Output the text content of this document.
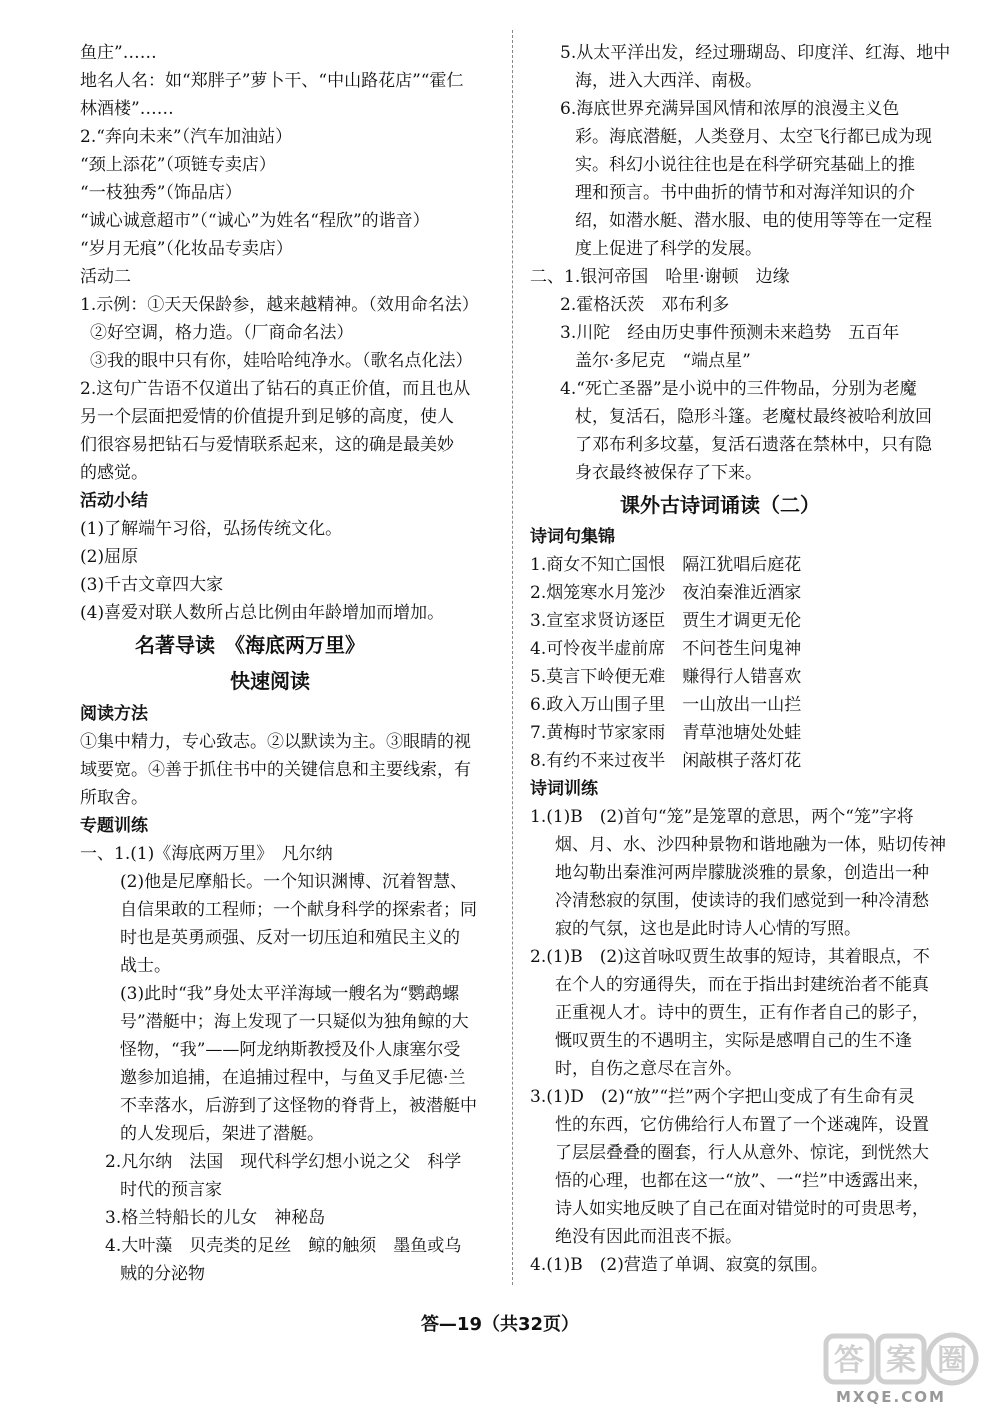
鱼庄”……
地名人名：如“郑胖子”萝卜干、“中山路花店”“霍仁
林酒楼”……
2.“奔向未来”（汽车加油站）
“颈上添花”（项链专卖店）
“一枝独秀”（饰品店）
“诚心诚意超市”（“诚心”为姓名“程欣”的谐音）
“岁月无痕”（化妆品专卖店）
活动二
1.示例：①天天保龄参，越来越精神。（效用命名法）
②好空调，格力造。（厂商命名法）
③我的眼中只有你，娃哈哈纯净水。（歌名点化法）
2.这句广告语不仅道出了钻石的真正价值，而且也从
另一个层面把爱情的价值提升到足够的高度，使人
们很容易把钻石与爱情联系起来，这的确是最美妙
的感觉。
活动小结
(1)了解端午习俗，弘扬传统文化。
(2)屈原
(3)千古文章四大家
(4)喜爱对联人数所占总比例由年龄增加而增加。
名著导读　《海底两万里》
快速阅读
阅读方法
①集中精力，专心致志。②以默读为主。③眼睛的视
域要宽。④善于抓住书中的关键信息和主要线索，有
所取舍。
专题训练
一、1.(1)《海底两万里》　凡尔纳
(2)他是尼摩船长。一个知识渊博、沉着智慧、
自信果敢的工程师；一个献身科学的探索者；同
时也是英勇顽强、反对一切压迫和殖民主义的
战士。
(3)此时“我”身处太平洋海域一艘名为“鹦鹉螺
号”潜艇中；海上发现了一只疑似为独角鲸的大
怪物，“我”——阿龙纳斯教授及仆人康塞尔受
邀参加追捕，在追捕过程中，与鱼叉手尼德·兰
不幸落水，后游到了这怪物的脊背上，被潜艇中
的人发现后，架进了潜艇。
2.凡尔纳　法国　现代科学幻想小说之父　科学
时代的预言家
3.格兰特船长的儿女　神秘岛
4.大叶藻　贝壳类的足丝　鲸的触须　墨鱼或乌
贼的分泌物
5.从太平洋出发，经过珊瑚岛、印度洋、红海、地中
海，进入大西洋、南极。
6.海底世界充满异国风情和浓厚的浪漫主义色
彩。海底潜艇，人类登月、太空飞行都已成为现
实。科幻小说往往也是在科学研究基础上的推
理和预言。书中曲折的情节和对海洋知识的介
绍，如潜水艇、潜水服、电的使用等等在一定程
度上促进了科学的发展。
二、1.银河帝国　哈里·谢顿　边缘
2.霍格沃茨　邓布利多
3.川陀　经由历史事件预测未来趋势　五百年
盖尔·多尼克　“端点星”
4.“死亡圣器”是小说中的三件物品，分别为老魔
杖，复活石，隐形斗篷。老魔杖最终被哈利放回
了邓布利多坟墓，复活石遗落在禁林中，只有隐
身衣最终被保存了下来。
课外古诗词诵读（二）
诗词句集锦
1.商女不知亡国恨　隔江犹唱后庭花
2.烟笼寒水月笼沙　夜泊秦淮近酒家
3.宣室求贤访逐臣　贾生才调更无伦
4.可怜夜半虚前席　不问苍生问鬼神
5.莫言下岭便无难　赚得行人错喜欢
6.政入万山围子里　一山放出一山拦
7.黄梅时节家家雨　青草池塘处处蛙
8.有约不来过夜半　闲敲棋子落灯花
诗词训练
1.(1)B　(2)首句“笼”是笼罩的意思，两个“笼”字将
烟、月、水、沙四种景物和谐地融为一体，贴切传神
地勾勒出秦淮河两岸朦胧淡雅的景象，创造出一种
冷清愁寂的氛围，使读诗的我们感觉到一种冷清愁
寂的气氛，这也是此时诗人心情的写照。
2.(1)B　(2)这首咏叹贾生故事的短诗，其着眼点，不
在个人的穷通得失，而在于指出封建统治者不能真
正重视人才。诗中的贾生，正有作者自己的影子，
慨叹贾生的不遇明主，实际是感喟自己的生不逢
时，自伤之意尽在言外。
3.(1)D　(2)“放”“拦”两个字把山变成了有生命有灵
性的东西，它仿佛给行人布置了一个迷魂阵，设置
了层层叠叠的圈套，行人从意外、惊诧，到恍然大
悟的心理，也都在这一“放”、一“拦”中透露出来，
诗人如实地反映了自己在面对错觉时的可贵思考，
绝没有因此而沮丧不振。
4.(1)B　(2)营造了单调、寂寞的氛围。
答—19（共32页）
答 案 圈
MXQE.COM
